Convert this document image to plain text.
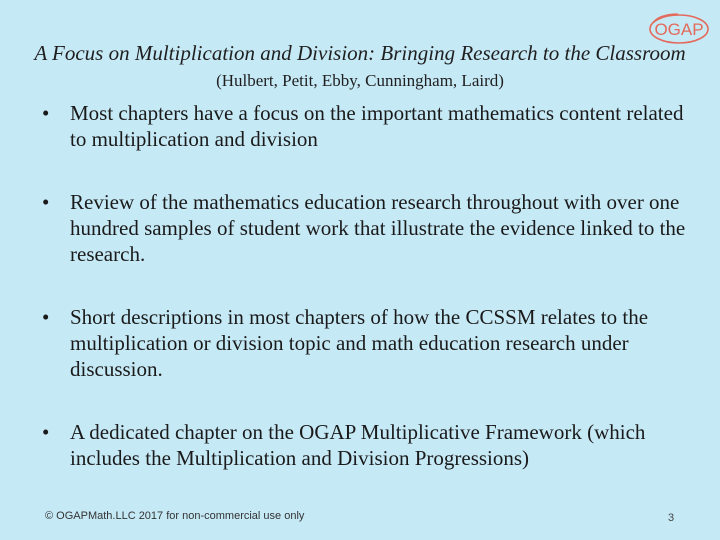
OGAP
A Focus on Multiplication and Division: Bringing Research to the Classroom (Hulbert, Petit, Ebby, Cunningham, Laird)
• Most chapters have a focus on the important mathematics content related to multiplication and division
• Review of the mathematics education research throughout with over one hundred samples of student work that illustrate the evidence linked to the research.
• Short descriptions in most chapters of how the CCSSM relates to the multiplication or division topic and math education research under discussion.
• A dedicated chapter on the OGAP Multiplicative Framework (which includes the Multiplication and Division Progressions)
© OGAPMath.LLC 2017 for non-commercial use only	3
